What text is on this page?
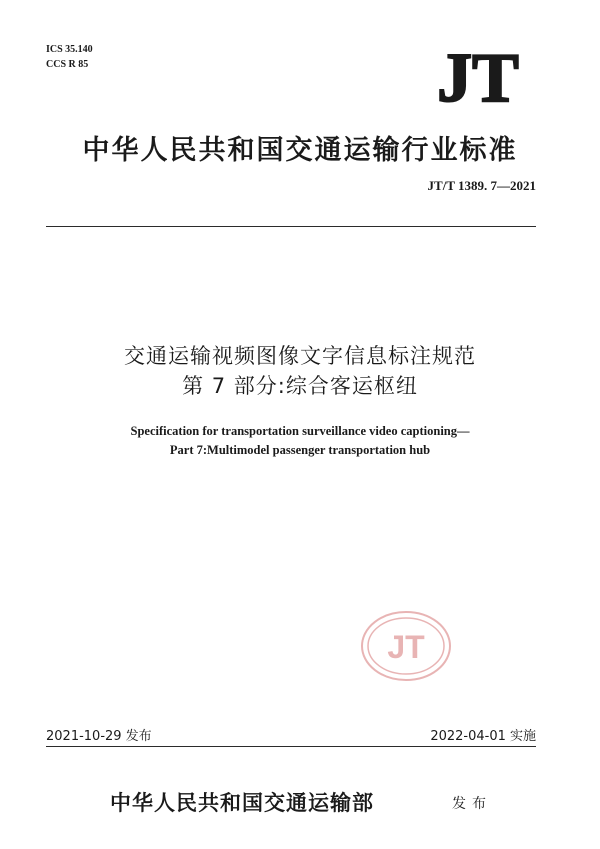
ICS 35.140
CCS R 85	JT
中华人民共和国交通运输行业标准
JT/T 1389. 7—2021
交通运输视频图像文字信息标注规范
第 7 部分:综合客运枢纽
Specification for transportation surveillance video captioning—
Part 7:Multimodel passenger transportation hub
JT
2021-10-29 发布	2022-04-01 实施
中华人民共和国交通运输部	发布
